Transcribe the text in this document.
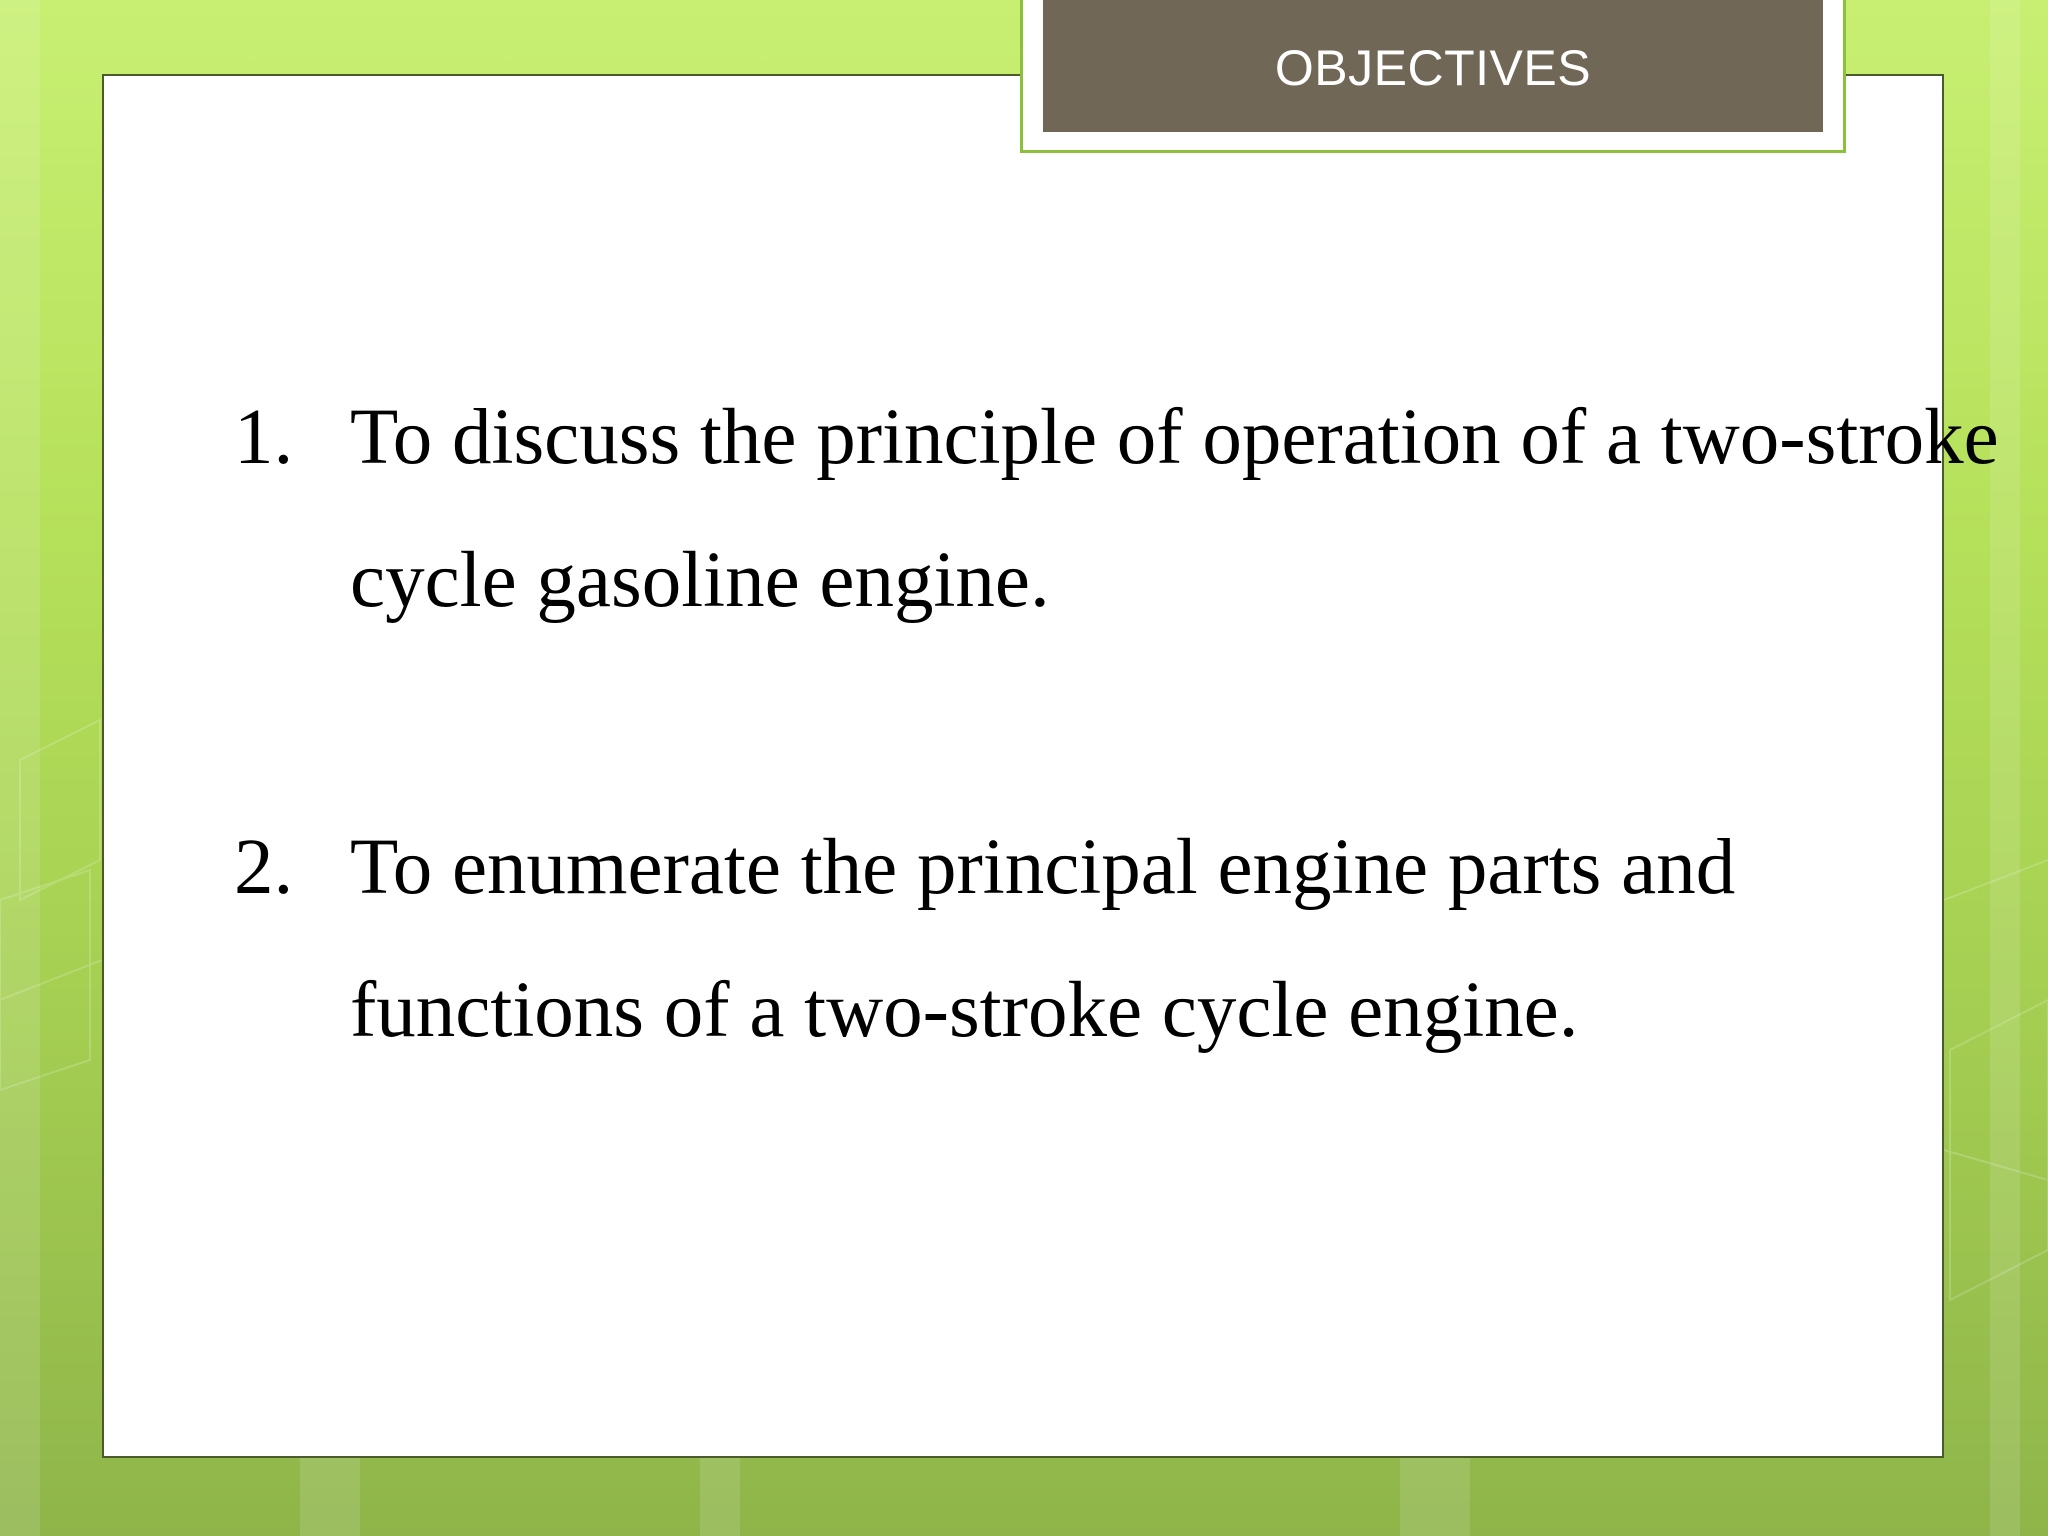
1. To discuss the principle of operation of a two-stroke cycle gasoline engine.
2. To enumerate the principal engine parts and functions of a two-stroke cycle engine.
OBJECTIVES
